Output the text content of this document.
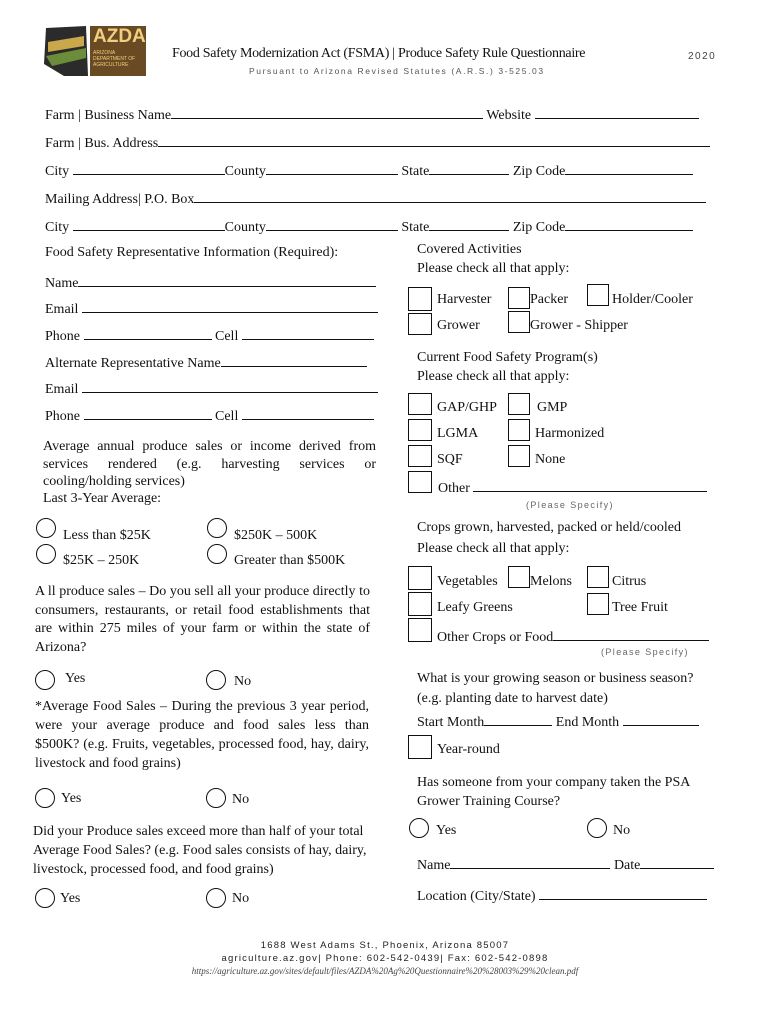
AZDA
ARIZONA DEPARTMENT OF AGRICULTURE
Food Safety Modernization Act (FSMA) | Produce Safety Rule Questionnaire	2020
Pursuant to Arizona Revised Statutes (A.R.S.) 3-525.03
Farm | Business Name	Website
Farm | Bus. Address
City	County	State	Zip Code
Mailing Address| P.O. Box
City	County	State	Zip Code
Food Safety Representative Information (Required):
Name
Email
Phone	Cell
Alternate Representative Name
Email
Phone	Cell
Average annual produce sales or income derived from services rendered (e.g. harvesting services or cooling/holding services)
Last 3-Year Average:
Less than $25K	$250K – 500K
$25K – 250K	Greater than $500K
A ll produce sales – Do you sell all your produce directly to consumers, restaurants, or retail food establishments that are within 275 miles of your farm or within the state of Arizona?
Yes	No
*Average Food Sales – During the previous 3 year period, were your average produce and food sales less than $500K? (e.g. Fruits, vegetables, processed food, hay, dairy, livestock and food grains)
Yes	No
Did your Produce sales exceed more than half of your total Average Food Sales? (e.g. Food sales consists of hay, dairy, livestock, processed food, and food grains)
Yes	No
Covered Activities
Please check all that apply:
Harvester	Packer	Holder/Cooler
Grower	Grower - Shipper
Current Food Safety Program(s)
Please check all that apply:
GAP/GHP	GMP
LGMA	Harmonized
SQF	None
Other
(Please Specify)
Crops grown, harvested, packed or held/cooled
Please check all that apply:
Vegetables Melons	Citrus
Leafy Greens	Tree Fruit
Other Crops or Food
(Please Specify)
What is your growing season or business season?
(e.g. planting date to harvest date)
Start Month	End Month
Year-round
Has someone from your company taken the PSA Grower Training Course?
Yes	No
Name	Date
Location (City/State)
1688 West Adams St., Phoenix, Arizona 85007
agriculture.az.gov| Phone: 602-542-0439| Fax: 602-542-0898
https://agriculture.az.gov/sites/default/files/AZDA%20Ag%20Questionnaire%20%28003%29%20clean.pdf
